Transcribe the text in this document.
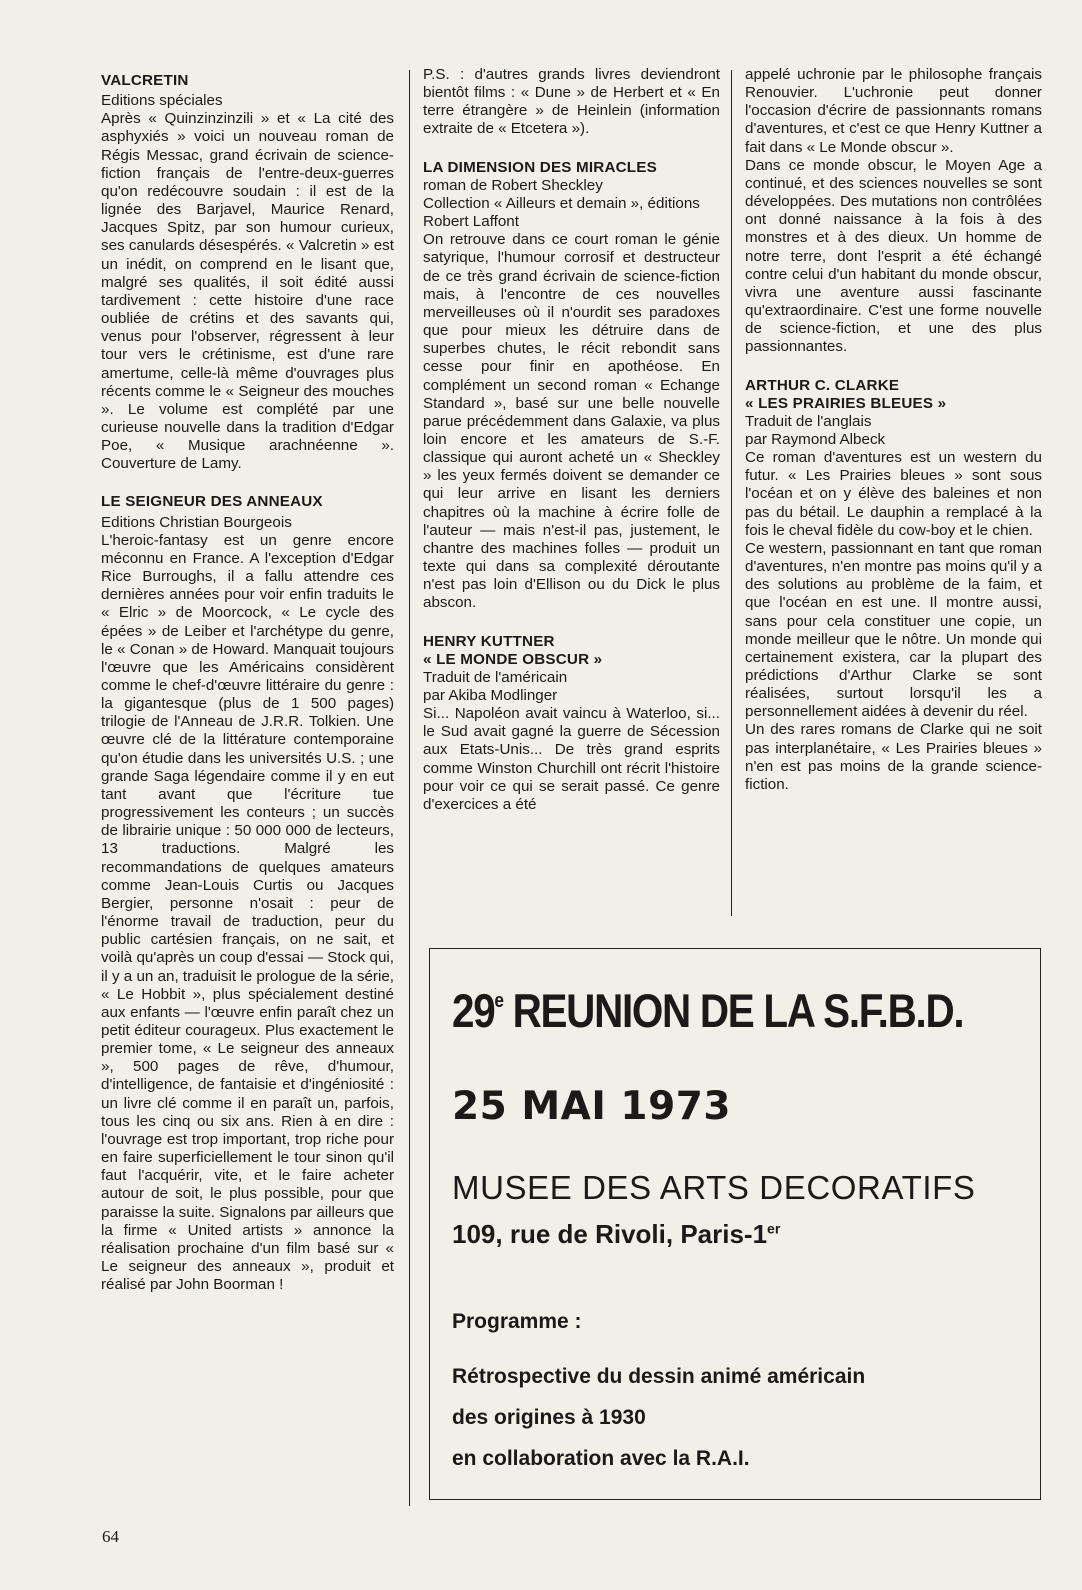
VALCRETIN

Editions spéciales

Après « Quinzinzinzili » et « La cité des asphyxiés » voici un nouveau roman de Régis Messac, grand écrivain de science-fiction français de l'entre-deux-guerres qu'on redécouvre soudain : il est de la lignée des Barjavel, Maurice Renard, Jacques Spitz, par son humour curieux, ses canulards désespérés. « Valcretin » est un inédit, on comprend en le lisant que, malgré ses qualités, il soit édité aussi tardivement : cette histoire d'une race oubliée de crétins et des savants qui, venus pour l'observer, régressent à leur tour vers le crétinisme, est d'une rare amertume, celle-là même d'ouvrages plus récents comme le « Seigneur des mouches ». Le volume est complété par une curieuse nouvelle dans la tradition d'Edgar Poe, « Musique arachnéenne ». Couverture de Lamy.

LE SEIGNEUR DES ANNEAUX

Editions Christian Bourgeois

L'heroic-fantasy est un genre encore méconnu en France. A l'exception d'Edgar Rice Burroughs, il a fallu attendre ces dernières années pour voir enfin traduits le « Elric » de Moorcock, « Le cycle des épées » de Leiber et l'archétype du genre, le « Conan » de Howard. Manquait toujours l'œuvre que les Américains considèrent comme le chef-d'œuvre littéraire du genre : la gigantesque (plus de 1 500 pages) trilogie de l'Anneau de J.R.R. Tolkien. Une œuvre clé de la littérature contemporaine qu'on étudie dans les universités U.S. ; une grande Saga légendaire comme il y en eut tant avant que l'écriture tue progressivement les conteurs ; un succès de librairie unique : 50 000 000 de lecteurs, 13 traductions. Malgré les recommandations de quelques amateurs comme Jean-Louis Curtis ou Jacques Bergier, personne n'osait : peur de l'énorme travail de traduction, peur du public cartésien français, on ne sait, et voilà qu'après un coup d'essai — Stock qui, il y a un an, traduisit le prologue de la série, « Le Hobbit », plus spécialement destiné aux enfants — l'œuvre enfin paraît chez un petit éditeur courageux. Plus exactement le premier tome, « Le seigneur des anneaux », 500 pages de rêve, d'humour, d'intelligence, de fantaisie et d'ingéniosité : un livre clé comme il en paraît un, parfois, tous les cinq ou six ans. Rien à en dire : l'ouvrage est trop important, trop riche pour en faire superficiellement le tour sinon qu'il faut l'acquérir, vite, et le faire acheter autour de soit, le plus possible, pour que paraisse la suite. Signalons par ailleurs que la firme « United artists » annonce la réalisation prochaine d'un film basé sur « Le seigneur des anneaux », produit et réalisé par John Boorman !

P.S. : d'autres grands livres deviendront bientôt films : « Dune » de Herbert et « En terre étrangère » de Heinlein (information extraite de « Etcetera »).

LA DIMENSION DES MIRACLES

roman de Robert Sheckley

Collection « Ailleurs et demain », éditions Robert Laffont

On retrouve dans ce court roman le génie satyrique, l'humour corrosif et destructeur de ce très grand écrivain de science-fiction mais, à l'encontre de ces nouvelles merveilleuses où il n'ourdit ses paradoxes que pour mieux les détruire dans de superbes chutes, le récit rebondit sans cesse pour finir en apothéose. En complément un second roman « Echange Standard », basé sur une belle nouvelle parue précédemment dans Galaxie, va plus loin encore et les amateurs de S.-F. classique qui auront acheté un « Sheckley » les yeux fermés doivent se demander ce qui leur arrive en lisant les derniers chapitres où la machine à écrire folle de l'auteur — mais n'est-il pas, justement, le chantre des machines folles — produit un texte qui dans sa complexité déroutante n'est pas loin d'Ellison ou du Dick le plus abscon.

HENRY KUTTNER
« LE MONDE OBSCUR »

Traduit de l'américain

par Akiba Modlinger

Si... Napoléon avait vaincu à Waterloo, si... le Sud avait gagné la guerre de Sécession aux Etats-Unis... De très grand esprits comme Winston Churchill ont récrit l'histoire pour voir ce qui se serait passé. Ce genre d'exercices a été

appelé uchronie par le philosophe français Renouvier. L'uchronie peut donner l'occasion d'écrire de passionnants romans d'aventures, et c'est ce que Henry Kuttner a fait dans « Le Monde obscur ».

Dans ce monde obscur, le Moyen Age a continué, et des sciences nouvelles se sont développées. Des mutations non contrôlées ont donné naissance à la fois à des monstres et à des dieux. Un homme de notre terre, dont l'esprit a été échangé contre celui d'un habitant du monde obscur, vivra une aventure aussi fascinante qu'extraordinaire. C'est une forme nouvelle de science-fiction, et une des plus passionnantes.

ARTHUR C. CLARKE
« LES PRAIRIES BLEUES »

Traduit de l'anglais

par Raymond Albeck

Ce roman d'aventures est un western du futur. « Les Prairies bleues » sont sous l'océan et on y élève des baleines et non pas du bétail. Le dauphin a remplacé à la fois le cheval fidèle du cow-boy et le chien.

Ce western, passionnant en tant que roman d'aventures, n'en montre pas moins qu'il y a des solutions au problème de la faim, et que l'océan en est une. Il montre aussi, sans pour cela constituer une copie, un monde meilleur que le nôtre. Un monde qui certainement existera, car la plupart des prédictions d'Arthur Clarke se sont réalisées, surtout lorsqu'il les a personnellement aidées à devenir du réel.

Un des rares romans de Clarke qui ne soit pas interplanétaire, « Les Prairies bleues » n'en est pas moins de la grande science-fiction.

29e REUNION DE LA S.F.B.D.
25 MAI 1973
MUSEE DES ARTS DECORATIFS
109, rue de Rivoli, Paris-1er
Programme :
Rétrospective du dessin animé américain
des origines à 1930
en collaboration avec la R.A.I.
64
